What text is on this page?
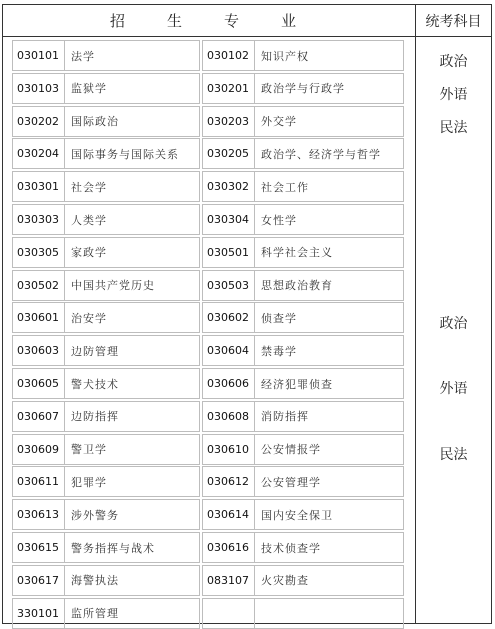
招生专业	统考科目
政治
外语
民法
政治
外语
民法
030101	法学	030102	知识产权
030103	监狱学	030201	政治学与行政学
030202	国际政治	030203	外交学
030204	国际事务与国际关系	030205	政治学、经济学与哲学
030301	社会学	030302	社会工作
030303	人类学	030304	女性学
030305	家政学	030501	科学社会主义
030502	中国共产党历史	030503	思想政治教育
030601	治安学	030602	侦查学
030603	边防管理	030604	禁毒学
030605	警犬技术	030606	经济犯罪侦查
030607	边防指挥	030608	消防指挥
030609	警卫学	030610	公安情报学
030611	犯罪学	030612	公安管理学
030613	涉外警务	030614	国内安全保卫
030615	警务指挥与战术	030616	技术侦查学
030617	海警执法	083107	火灾勘查
330101	监所管理
